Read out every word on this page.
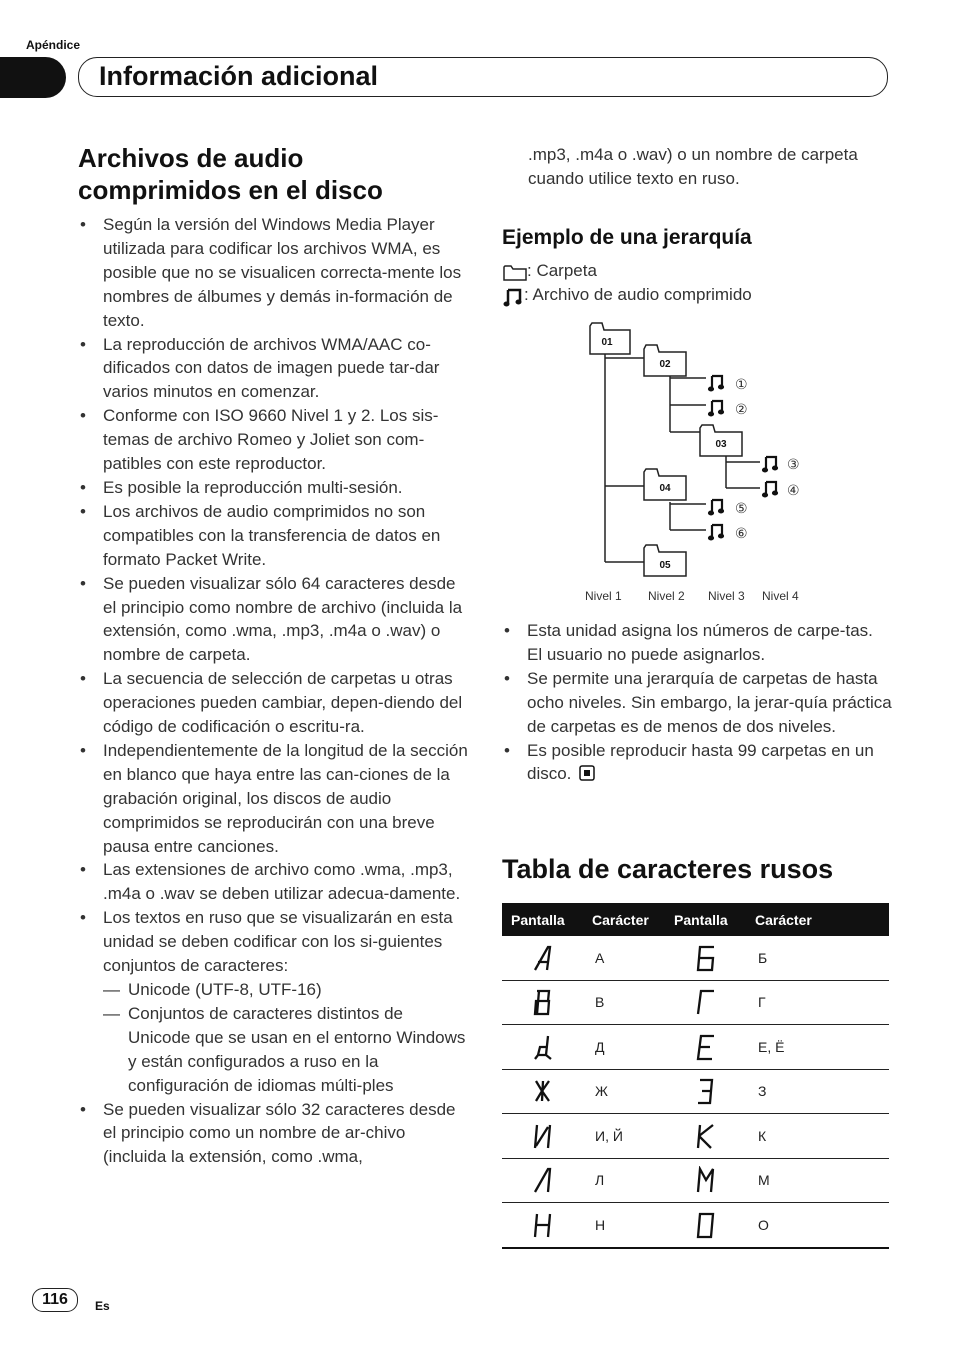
Apéndice
Información adicional
Archivos de audio comprimidos en el disco
• Según la versión del Windows Media Player utilizada para codificar los archivos WMA, es posible que no se visualicen correcta-mente los nombres de álbumes y demás in-formación de texto.
• La reproducción de archivos WMA/AAC co-dificados con datos de imagen puede tar-dar varios minutos en comenzar.
• Conforme con ISO 9660 Nivel 1 y 2. Los sis-temas de archivo Romeo y Joliet son com-patibles con este reproductor.
• Es posible la reproducción multi-sesión.
• Los archivos de audio comprimidos no son compatibles con la transferencia de datos en formato Packet Write.
• Se pueden visualizar sólo 64 caracteres desde el principio como nombre de archivo (incluida la extensión, como .wma, .mp3, .m4a o .wav) o nombre de carpeta.
• La secuencia de selección de carpetas u otras operaciones pueden cambiar, depen-diendo del código de codificación o escritu-ra.
• Independientemente de la longitud de la sección en blanco que haya entre las can-ciones de la grabación original, los discos de audio comprimidos se reproducirán con una breve pausa entre canciones.
• Las extensiones de archivo como .wma, .mp3, .m4a o .wav se deben utilizar adecua-damente.
• Los textos en ruso que se visualizarán en esta unidad se deben codificar con los si-guientes conjuntos de caracteres:
— Unicode (UTF-8, UTF-16)
— Conjuntos de caracteres distintos de Unicode que se usan en el entorno Windows y están configurados a ruso en la configuración de idiomas múlti-ples
• Se pueden visualizar sólo 32 caracteres desde el principio como un nombre de ar-chivo (incluida la extensión, como .wma,
.mp3, .m4a o .wav) o un nombre de carpeta cuando utilice texto en ruso.
Ejemplo de una jerarquía
: Carpeta
: Archivo de audio comprimido
01
02
03
04
05
①
②
③
④
⑤
⑥
Nivel 1 Nivel 2 Nivel 3 Nivel 4
• Esta unidad asigna los números de carpe-tas. El usuario no puede asignarlos.
• Se permite una jerarquía de carpetas de hasta ocho niveles. Sin embargo, la jerar-quía práctica de carpetas es de menos de dos niveles.
• Es posible reproducir hasta 99 carpetas en un disco.
Tabla de caracteres rusos
Pantalla	Carácter	Pantalla	Carácter
	А		Б
	В		Г
	Д		Е, Ё
	Ж		З
	И, Й		К
	Л		М
	Н		О
116	Es
